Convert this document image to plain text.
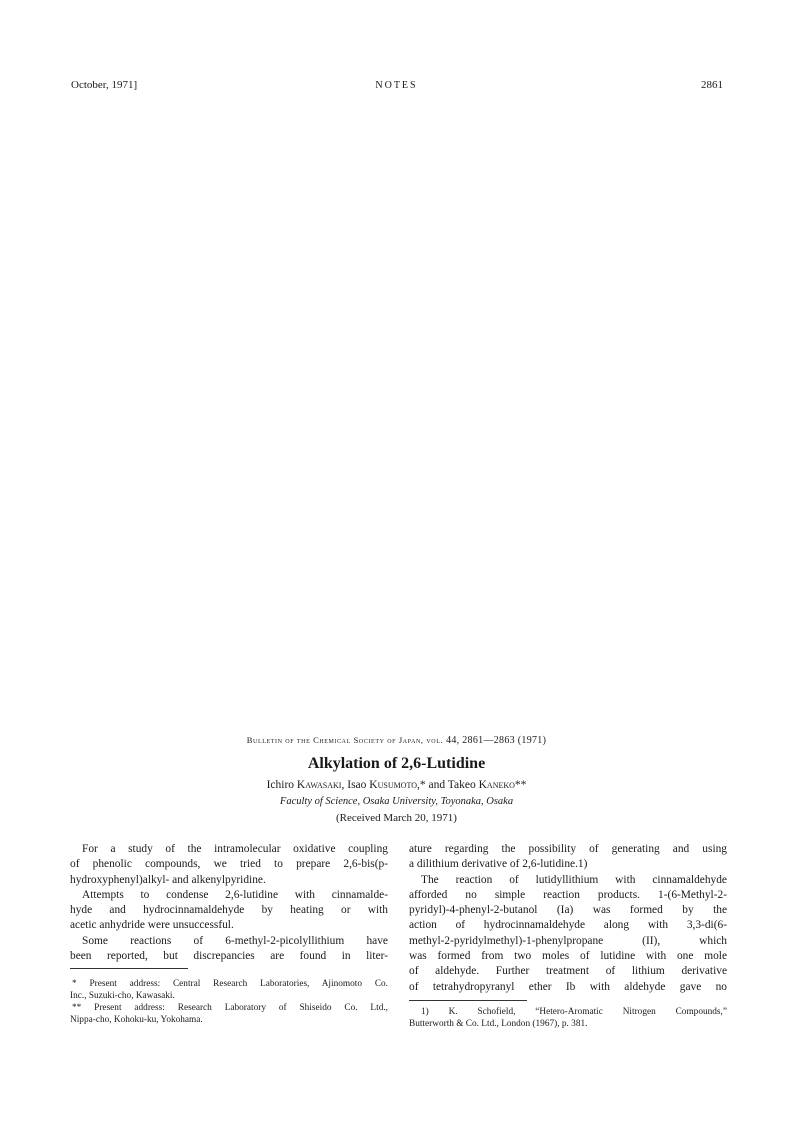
October, 1971]	NOTES	2861
Bulletin of the Chemical Society of Japan, vol. 44, 2861—2863 (1971)
Alkylation of 2,6-Lutidine
Ichiro Kawasaki, Isao Kusumoto,* and Takeo Kaneko**
Faculty of Science, Osaka University, Toyonaka, Osaka
(Received March 20, 1971)
For a study of the intramolecular oxidative coupling
of phenolic compounds, we tried to prepare 2,6-bis(p-
hydroxyphenyl)alkyl- and alkenylpyridine.
Attempts to condense 2,6-lutidine with cinnamalde-
hyde and hydrocinnamaldehyde by heating or with
acetic anhydride were unsuccessful.
Some reactions of 6-methyl-2-picolyllithium have
been reported, but discrepancies are found in liter-
ature regarding the possibility of generating and using
a dilithium derivative of 2,6-lutidine.1)
The reaction of lutidyllithium with cinnamaldehyde
afforded no simple reaction products. 1-(6-Methyl-2-
pyridyl)-4-phenyl-2-butanol (Ia) was formed by the
action of hydrocinnamaldehyde along with 3,3-di(6-
methyl-2-pyridylmethyl)-1-phenylpropane (II), which
was formed from two moles of lutidine with one mole
of aldehyde. Further treatment of lithium derivative
of tetrahydropyranyl ether Ib with aldehyde gave no
* Present address: Central Research Laboratories, Ajinomoto Co.
Inc., Suzuki-cho, Kawasaki.
** Present address: Research Laboratory of Shiseido Co. Ltd.,
Nippa-cho, Kohoku-ku, Yokohama.
1) K. Schofield, “Hetero-Aromatic Nitrogen Compounds,”
Butterworth & Co. Ltd., London (1967), p. 381.
